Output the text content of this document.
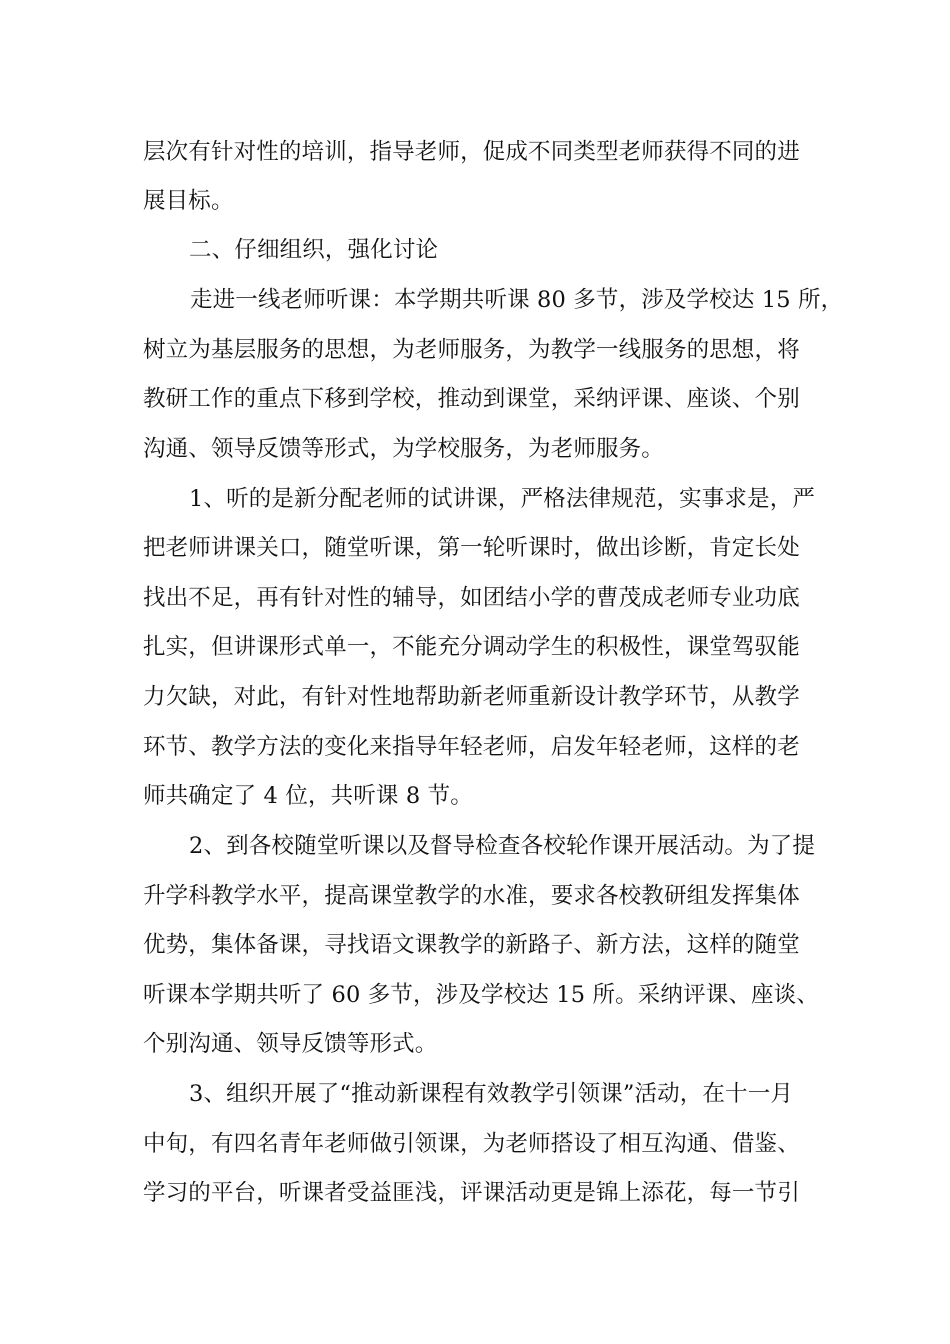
层次有针对性的培训，指导老师，促成不同类型老师获得不同的进
展目标。
二、仔细组织，强化讨论
走进一线老师听课：本学期共听课 80 多节，涉及学校达 15 所，
树立为基层服务的思想，为老师服务，为教学一线服务的思想，将
教研工作的重点下移到学校，推动到课堂，采纳评课、座谈、个别
沟通、领导反馈等形式，为学校服务，为老师服务。
1、听的是新分配老师的试讲课，严格法律规范，实事求是，严
把老师讲课关口，随堂听课，第一轮听课时，做出诊断，肯定长处
找出不足，再有针对性的辅导，如团结小学的曹茂成老师专业功底
扎实，但讲课形式单一，不能充分调动学生的积极性，课堂驾驭能
力欠缺，对此，有针对性地帮助新老师重新设计教学环节，从教学
环节、教学方法的变化来指导年轻老师，启发年轻老师，这样的老
师共确定了 4 位，共听课 8 节。
2、到各校随堂听课以及督导检查各校轮作课开展活动。为了提
升学科教学水平，提高课堂教学的水准，要求各校教研组发挥集体
优势，集体备课，寻找语文课教学的新路子、新方法，这样的随堂
听课本学期共听了 60 多节，涉及学校达 15 所。采纳评课、座谈、
个别沟通、领导反馈等形式。
3、组织开展了“推动新课程有效教学引领课”活动，在十一月
中旬，有四名青年老师做引领课，为老师搭设了相互沟通、借鉴、
学习的平台，听课者受益匪浅，评课活动更是锦上添花，每一节引
